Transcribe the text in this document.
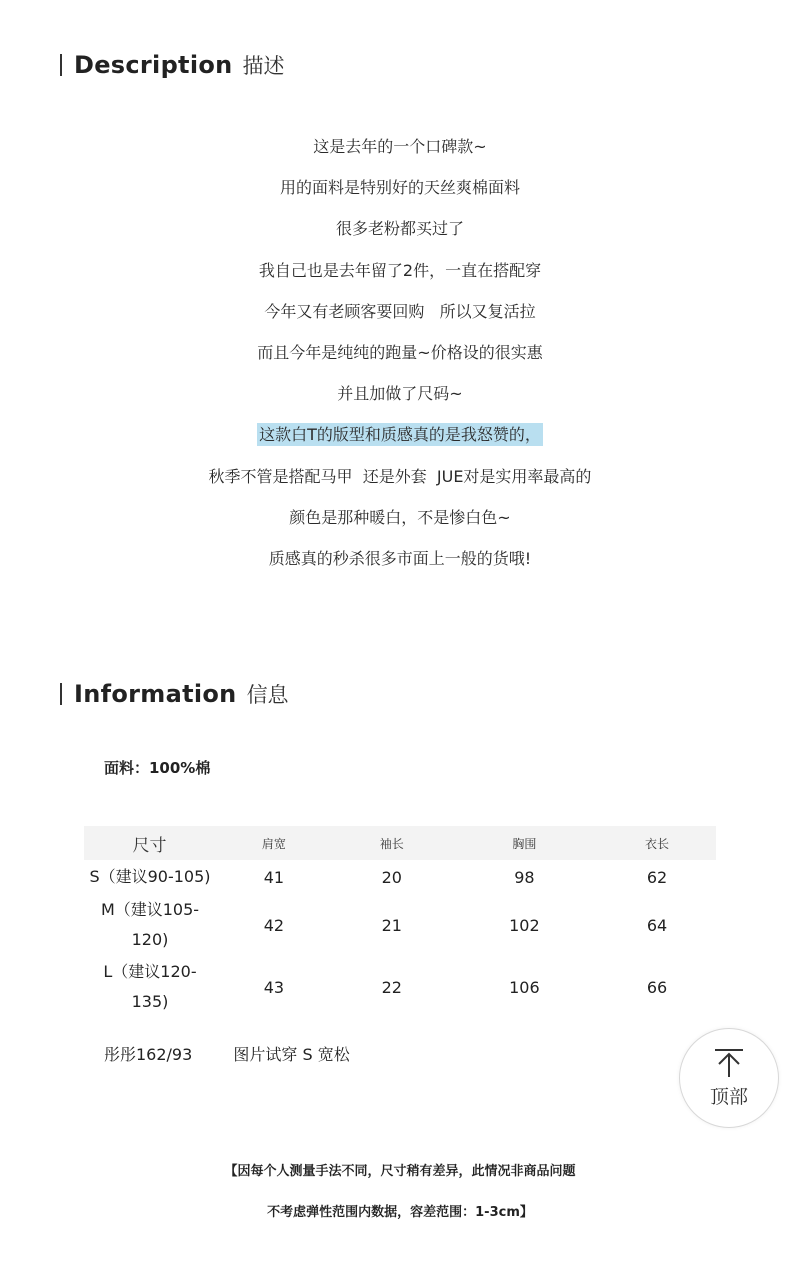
Description 描述
这是去年的一个口碑款~
用的面料是特别好的天丝爽棉面料
很多老粉都买过了
我自己也是去年留了2件，一直在搭配穿
今年又有老顾客要回购   所以又复活拉
而且今年是纯纯的跑量~价格设的很实惠
并且加做了尺码~
这款白T的版型和质感真的是我怒赞的，
秋季不管是搭配马甲  还是外套  JUE对是实用率最高的
颜色是那种暖白，不是惨白色~
质感真的秒杀很多市面上一般的货哦!
Information 信息
面料：100%棉
尺寸	肩宽	袖长	胸围	衣长
S（建议90-105)	41	20	98	62
M（建议105-120)	42	21	102	64
L（建议120-135)	43	22	106	66
彤彤162/93	图片试穿 S 宽松
顶部
【因每个人测量手法不同，尺寸稍有差异，此情况非商品问题
不考虑弹性范围内数据，容差范围：1-3cm】
